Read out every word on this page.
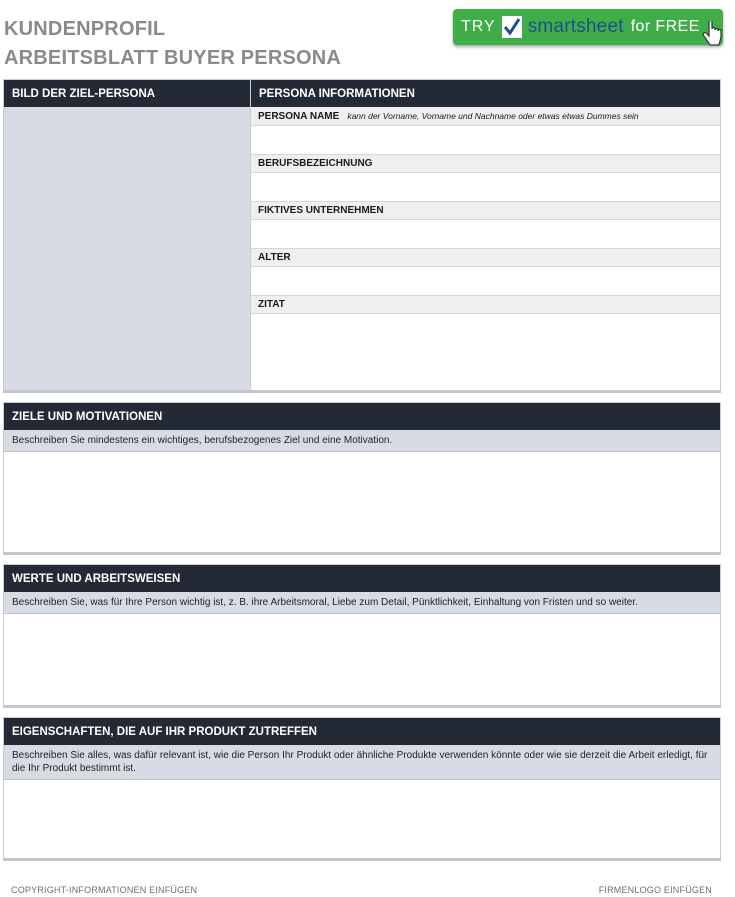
KUNDENPROFIL
ARBEITSBLATT BUYER PERSONA
TRY smartsheet for FREE
BILD DER ZIEL-PERSONA	PERSONA INFORMATIONEN
PERSONA NAME kann der Vorname, Vorname und Nachname oder etwas etwas Dummes sein
BERUFSBEZEICHNUNG
FIKTIVES UNTERNEHMEN
ALTER
ZITAT
ZIELE UND MOTIVATIONEN
Beschreiben Sie mindestens ein wichtiges, berufsbezogenes Ziel und eine Motivation.
WERTE UND ARBEITSWEISEN
Beschreiben Sie, was für Ihre Person wichtig ist, z. B. ihre Arbeitsmoral, Liebe zum Detail, Pünktlichkeit, Einhaltung von Fristen und so weiter.
EIGENSCHAFTEN, DIE AUF IHR PRODUKT ZUTREFFEN
Beschreiben Sie alles, was dafür relevant ist, wie die Person Ihr Produkt oder ähnliche Produkte verwenden könnte oder wie sie derzeit die Arbeit erledigt, für die Ihr Produkt bestimmt ist.
COPYRIGHT-INFORMATIONEN EINFÜGEN	FIRMENLOGO EINFÜGEN
